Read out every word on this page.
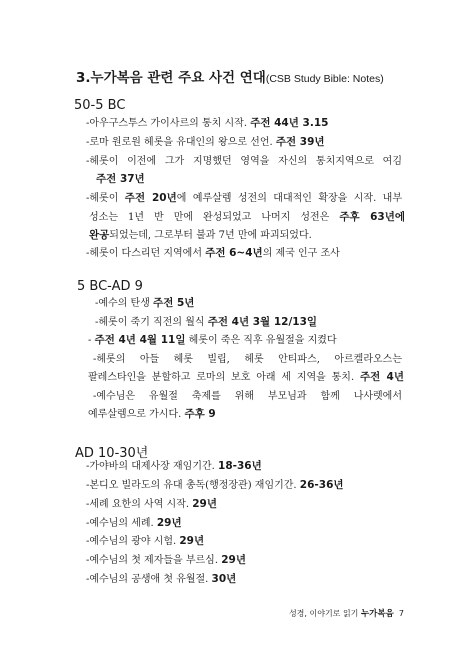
3.누가복음 관련 주요 사건 연대(CSB Study Bible: Notes)
50-5 BC
-아우구스투스 가이사르의 통치 시작. 주전 44년 3.15
-로마 원로원 헤롯을 유대인의 왕으로 선언. 주전 39년
-헤롯이 이전에 그가 지명했던 영역을 자신의 통치지역으로 여김
주전 37년
-헤롯이 주전 20년에 예루살렘 성전의 대대적인 확장을 시작. 내부
성소는 1년 반 만에 완성되었고 나머지 성전은 주후 63년에
완공되었는데, 그로부터 불과 7년 만에 파괴되었다.
-헤롯이 다스리던 지역에서 주전 6~4년의 제국 인구 조사
5 BC-AD 9
-예수의 탄생 주전 5년
-헤롯이 죽기 직전의 월식 주전 4년 3월 12/13일
- 주전 4년 4월 11일 헤롯이 죽은 직후 유월절을 지켰다
-헤롯의 아들 헤롯 빌립, 헤롯 안티파스, 아르켈라오스는
팔레스타인을 분할하고 로마의 보호 아래 세 지역을 통치. 주전 4년
-예수님은 유월절 축제를 위해 부모님과 함께 나사렛에서
예루살렘으로 가시다. 주후 9
AD 10-30년
-가야바의 대제사장 재임기간. 18-36년
-본디오 빌라도의 유대 총독(행정장관) 재임기간. 26-36년
-세례 요한의 사역 시작. 29년
-예수님의 세례. 29년
-예수님의 광야 시험. 29년
-예수님의 첫 제자들을 부르심. 29년
-예수님의 공생애 첫 유월절. 30년
성경, 이야기로 읽기 누가복음 7
